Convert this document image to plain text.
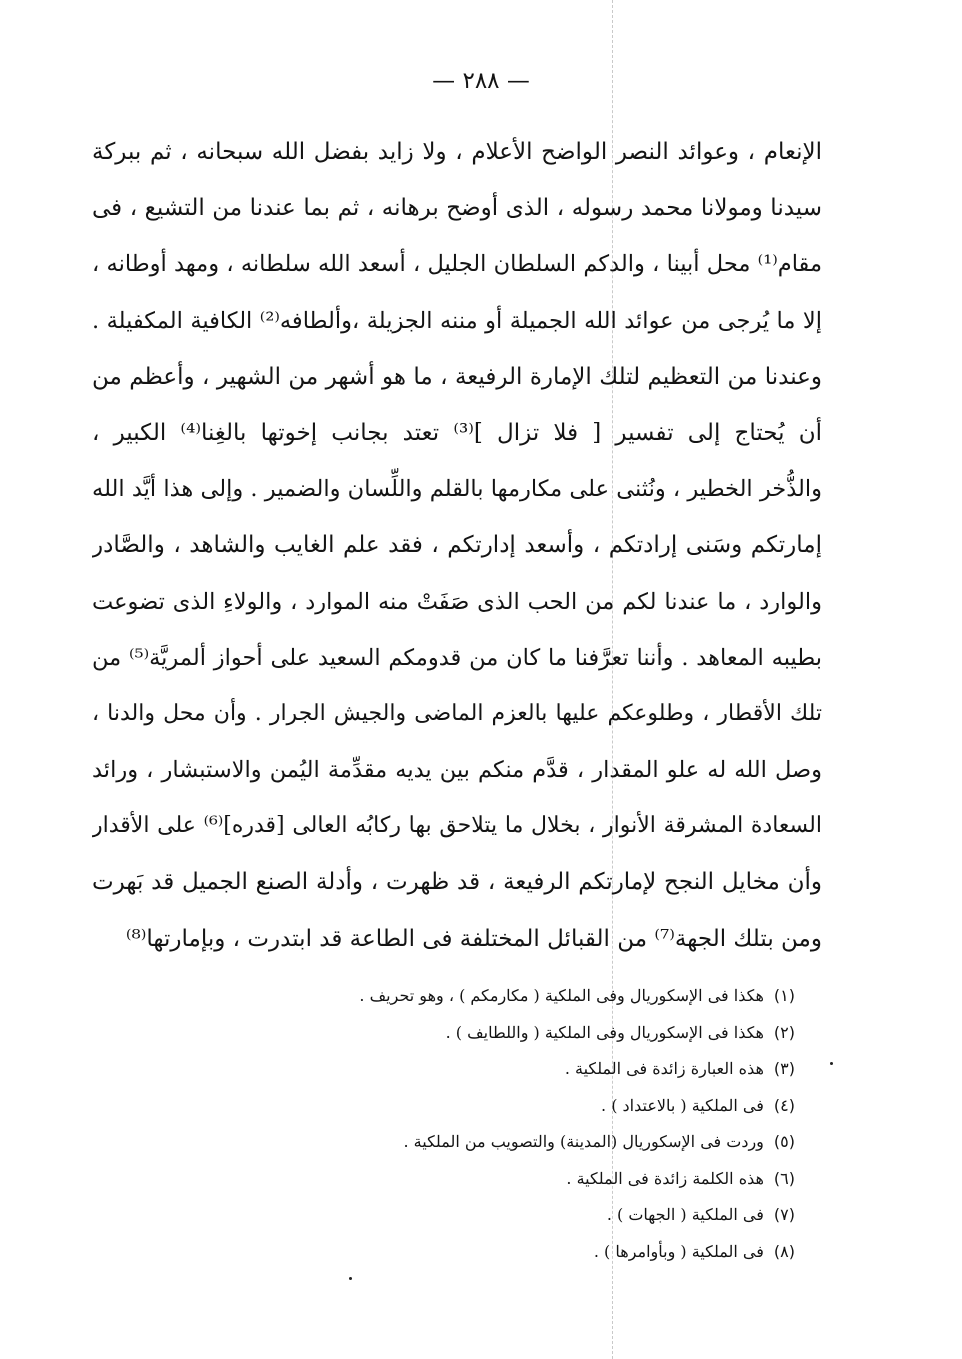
— ٢٨٨ —
الإنعام ، وعوائد النصر الواضح الأعلام ، ولا زايد بفضل الله سبحانه ، ثم ببركة
سيدنا ومولانا محمد رسوله ، الذى أوضح برهانه ، ثم بما عندنا من التشيع ، فى
مقام⁽¹⁾ محل أبينا ، والدكم السلطان الجليل ، أسعد الله سلطانه ، ومهد أوطانه ،
إلا ما يُرجى من عوائد الله الجميلة أو مننه الجزيلة ،وألطافه⁽²⁾ الكافية المكفيلة .
وعندنا من التعظيم لتلك الإمارة الرفيعة ، ما هو أشهر من الشهير ، وأعظم من
أن يُحتاج إلى تفسير [ فلا تزال ]⁽³⁾ تعتد بجانب إخوتها بالغِنا⁽⁴⁾ الكبير ،
والذُّخر الخطير ، ونُثنى على مكارمها بالقلم واللِّسان والضمير . وإلى هذا أيَّد الله
إمارتكم وسَنى إرادتكم ، وأسعد إدارتكم ، فقد علم الغايب والشاهد ، والصَّادر
والوارد ، ما عندنا لكم من الحب الذى صَفَتْ منه الموارد ، والولاءِ الذى تضوعت
بطيبه المعاهد . وأننا تعرَّفنا ما كان من قدومكم السعيد على أحواز ألمريَّة⁽⁵⁾ من
تلك الأقطار ، وطلوعكم عليها بالعزم الماضى والجيش الجرار . وأن محل والدنا ،
وصل الله له علو المقدار ، قدَّم منكم بين يديه مقدِّمة اليُمن والاستبشار ، ورائد
السعادة المشرقة الأنوار ، بخلال ما يتلاحق بها ركابُه العالى [قدره]⁽⁶⁾ على الأقدار
وأن مخايل النجح لإمارتكم الرفيعة ، قد ظهرت ، وأدلة الصنع الجميل قد بَهرت
ومن بتلك الجهة⁽⁷⁾ من القبائل المختلفة فى الطاعة قد ابتدرت ، وبإمارتها⁽⁸⁾
(١)هكذا فى الإسكوريال وفى الملكية ( مكارمكم ) ، وهو تحريف .
(٢)هكذا فى الإسكوريال وفى الملكية ( واللطايف ) .
(٣)هذه العبارة زائدة فى الملكية .
(٤)فى الملكية ( بالاعتداد ) .
(٥)وردت فى الإسكوريال (المدينة) والتصويب من الملكية .
(٦)هذه الكلمة زائدة فى الملكية .
(٧)فى الملكية ( الجهات ) .
(٨)فى الملكية ( وبأوامرها ) .
